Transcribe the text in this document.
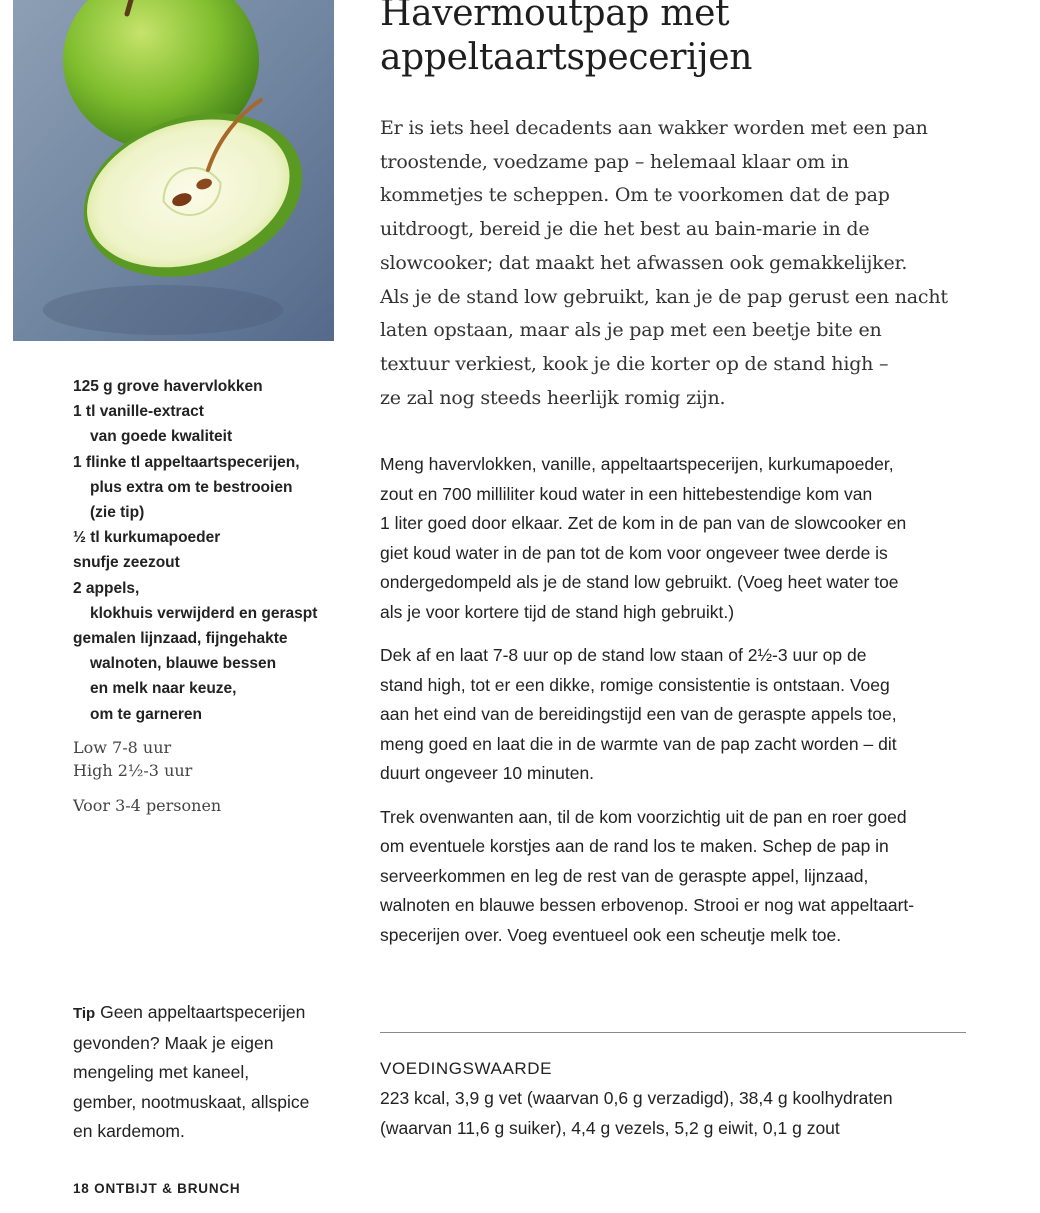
Havermoutpap met
appeltaartspecerijen

Er is iets heel decadents aan wakker worden met een pan
troostende, voedzame pap – helemaal klaar om in
kommetjes te scheppen. Om te voorkomen dat de pap
uitdroogt, bereid je die het best au bain-marie in de
slowcooker; dat maakt het afwassen ook gemakkelijker.
Als je de stand low gebruikt, kan je de pap gerust een nacht
laten opstaan, maar als je pap met een beetje bite en
textuur verkiest, kook je die korter op de stand high –
ze zal nog steeds heerlijk romig zijn.

125 g grove havervlokken
1 tl vanille-extract
van goede kwaliteit
1 flinke tl appeltaartspecerijen,
plus extra om te bestrooien
(zie tip)
½ tl kurkumapoeder
snufje zeezout
2 appels,
klokhuis verwijderd en geraspt
gemalen lijnzaad, fijngehakte
walnoten, blauwe bessen
en melk naar keuze,
om te garneren
Low 7-8 uur
High 2½-3 uur
Voor 3-4 personen

Meng havervlokken, vanille, appeltaartspecerijen, kurkumapoeder,
zout en 700 milliliter koud water in een hittebestendige kom van
1 liter goed door elkaar. Zet de kom in de pan van de slowcooker en
giet koud water in de pan tot de kom voor ongeveer twee derde is
ondergedompeld als je de stand low gebruikt. (Voeg heet water toe
als je voor kortere tijd de stand high gebruikt.)

Dek af en laat 7-8 uur op de stand low staan of 2½-3 uur op de
stand high, tot er een dikke, romige consistentie is ontstaan. Voeg
aan het eind van de bereidingstijd een van de geraspte appels toe,
meng goed en laat die in de warmte van de pap zacht worden – dit
duurt ongeveer 10 minuten.

Trek ovenwanten aan, til de kom voorzichtig uit de pan en roer goed
om eventuele korstjes aan de rand los te maken. Schep de pap in
serveerkommen en leg de rest van de geraspte appel, lijnzaad,
walnoten en blauwe bessen erbovenop. Strooi er nog wat appeltaart-
specerijen over. Voeg eventueel ook een scheutje melk toe.

Tip Geen appeltaartspecerijen
gevonden? Maak je eigen
mengeling met kaneel,
gember, nootmuskaat, allspice
en kardemom.
VOEDINGSWAARDE
223 kcal, 3,9 g vet (waarvan 0,6 g verzadigd), 38,4 g koolhydraten
(waarvan 11,6 g suiker), 4,4 g vezels, 5,2 g eiwit, 0,1 g zout
18 ONTBIJT & BRUNCH
